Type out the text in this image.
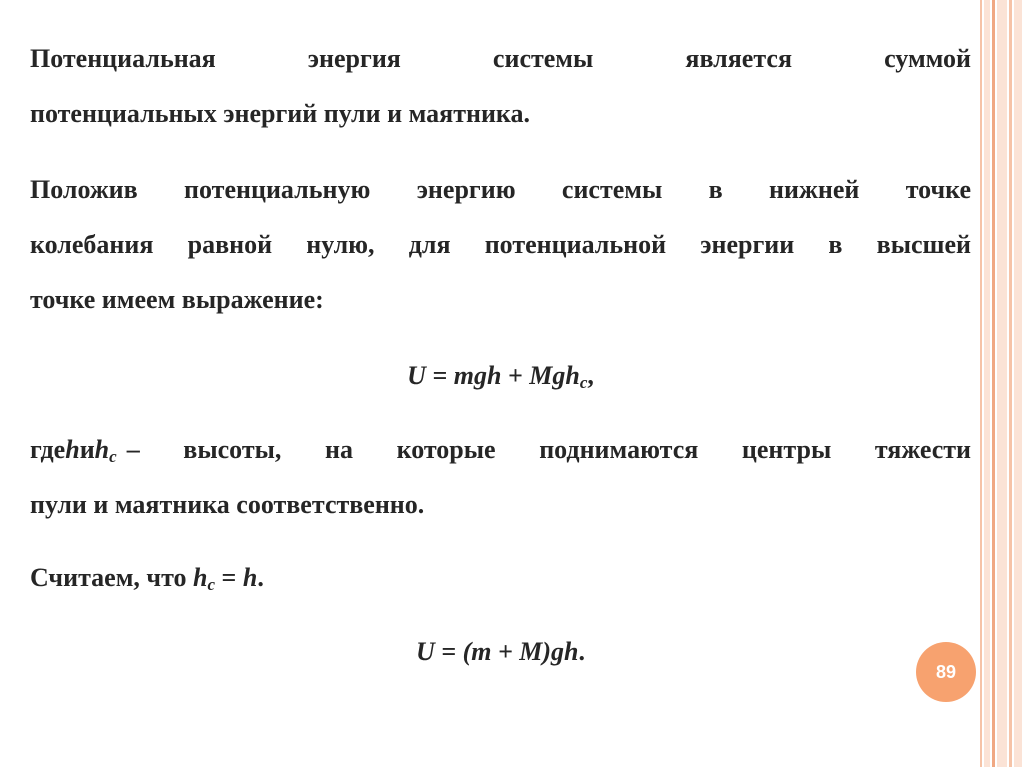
Потенциальная энергия системы является суммой
потенциальных энергий пули и маятника.
Положив потенциальную энергию системы в нижней точке
колебания равной нулю, для потенциальной энергии в высшей
точке имеем выражение:
U = mgh + Mgh$_c$,
где h и $h_c$ – высоты, на которые поднимаются центры тяжести
пули и маятника соответственно.
Считаем, что $h_c = h$.
U = (m + M)gh.
89
